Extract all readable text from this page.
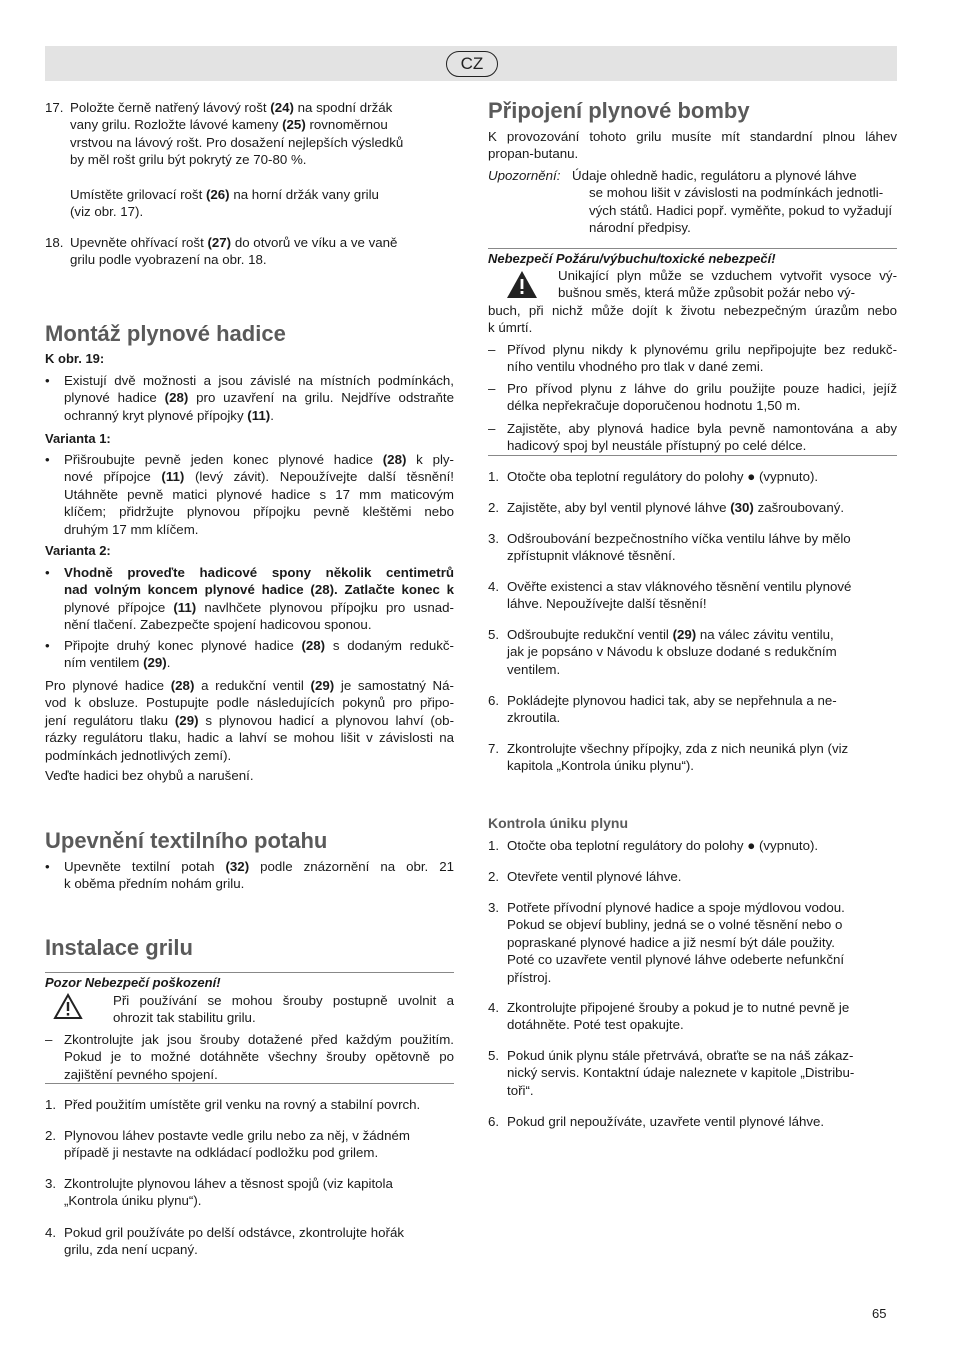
CZ
17. Položte černě natřený lávový rošt (24) na spodní držák
vany grilu. Rozložte lávové kameny (25) rovnoměrnou
vrstvou na lávový rošt. Pro dosažení nejlepších výsledků
by měl rošt grilu být pokrytý ze 70-80 %.
Umístěte grilovací rošt (26) na horní držák vany grilu
(viz obr. 17).
18. Upevněte ohřívací rošt (27) do otvorů ve víku a ve vaně
grilu podle vyobrazení na obr. 18.
Montáž plynové hadice
K obr. 19:
• Existují dvě možnosti a jsou závislé na místních podmínkách,
plynové hadice (28) pro uzavření na grilu. Nejdříve odstraňte
ochranný kryt plynové přípojky (11).
Varianta 1:
• Přišroubujte pevně jeden konec plynové hadice (28) k ply-
nové přípojce (11) (levý závit). Nepoužívejte další těsnění!
Utáhněte pevně matici plynové hadice s 17 mm maticovým
klíčem; přidržujte plynovou přípojku pevně kleštěmi nebo
druhým 17 mm klíčem.
Varianta 2:
• Vhodně proveďte hadicové spony několik centimetrů
nad volným koncem plynové hadice (28). Zatlačte konec k
plynové přípojce (11) navlhčete plynovou přípojku pro usnad-
nění tlačení. Zabezpečte spojení hadicovou sponou.
• Připojte druhý konec plynové hadice (28) s dodaným redukč-
ním ventilem (29).
Pro plynové hadice (28) a redukční ventil (29) je samostatný Ná-
vod k obsluze. Postupujte podle následujících pokynů pro připo-
jení regulátoru tlaku (29) s plynovou hadicí a plynovou lahví (ob-
rázky regulátoru tlaku, hadic a lahví se mohou lišit v závislosti na
podmínkách jednotlivých zemí).
Veďte hadici bez ohybů a narušení.
Upevnění textilního potahu
• Upevněte textilní potah (32) podle znázornění na obr. 21
k oběma předním nohám grilu.
Instalace grilu
Pozor Nebezpečí poškození!
Při používání se mohou šrouby postupně uvolnit a
ohrozit tak stabilitu grilu.
– Zkontrolujte jak jsou šrouby dotažené před každým použitím.
Pokud je to možné dotáhněte všechny šrouby opětovně po
zajištění pevného spojení.
1. Před použitím umístěte gril venku na rovný a stabilní povrch.
2. Plynovou láhev postavte vedle grilu nebo za něj, v žádném
případě ji nestavte na odkládací podložku pod grilem.
3. Zkontrolujte plynovou láhev a těsnost spojů (viz kapitola
„Kontrola úniku plynu“).
4. Pokud gril používáte po delší odstávce, zkontrolujte hořák
grilu, zda není ucpaný.
Připojení plynové bomby
K provozování tohoto grilu musíte mít standardní plnou láhev
propan-butanu.
Upozornění: Údaje ohledně hadic, regulátoru a plynové láhve
se mohou lišit v závislosti na podmínkách jednotli-
vých států. Hadici popř. vyměňte, pokud to vyžadují
národní předpisy.
Nebezpečí Požáru/výbuchu/toxické nebezpečí!
Unikající plyn může se vzduchem vytvořit vysoce vý-
bušnou směs, která může způsobit požár nebo vý-
buch, při nichž může dojít k životu nebezpečným úrazům nebo
k úmrtí.
– Přívod plynu nikdy k plynovému grilu nepřipojujte bez redukč-
ního ventilu vhodného pro tlak v dané zemi.
– Pro přívod plynu z láhve do grilu použijte pouze hadici, jejíž
délka nepřekračuje doporučenou hodnotu 1,50 m.
– Zajistěte, aby plynová hadice byla pevně namontována a aby
hadicový spoj byl neustále přístupný po celé délce.
1. Otočte oba teplotní regulátory do polohy ● (vypnuto).
2. Zajistěte, aby byl ventil plynové láhve (30) zašroubovaný.
3. Odšroubování bezpečnostního víčka ventilu láhve by mělo
zpřístupnit vláknové těsnění.
4. Ověřte existenci a stav vláknového těsnění ventilu plynové
láhve. Nepoužívejte další těsnění!
5. Odšroubujte redukční ventil (29) na válec závitu ventilu,
jak je popsáno v Návodu k obsluze dodané s redukčním
ventilem.
6. Pokládejte plynovou hadici tak, aby se nepřehnula a ne-
zkroutila.
7. Zkontrolujte všechny přípojky, zda z nich neuniká plyn (viz
kapitola „Kontrola úniku plynu“).
Kontrola úniku plynu
1. Otočte oba teplotní regulátory do polohy ● (vypnuto).
2. Otevřete ventil plynové láhve.
3. Potřete přívodní plynové hadice a spoje mýdlovou vodou.
Pokud se objeví bubliny, jedná se o volné těsnění nebo o
popraskané plynové hadice a již nesmí být dále použity.
Poté co uzavřete ventil plynové láhve odeberte nefunkční
přístroj.
4. Zkontrolujte připojené šrouby a pokud je to nutné pevně je
dotáhněte. Poté test opakujte.
5. Pokud únik plynu stále přetrvává, obraťte se na náš zákaz-
nický servis. Kontaktní údaje naleznete v kapitole „Distribu-
toři“.
6. Pokud gril nepoužíváte, uzavřete ventil plynové láhve.
65
